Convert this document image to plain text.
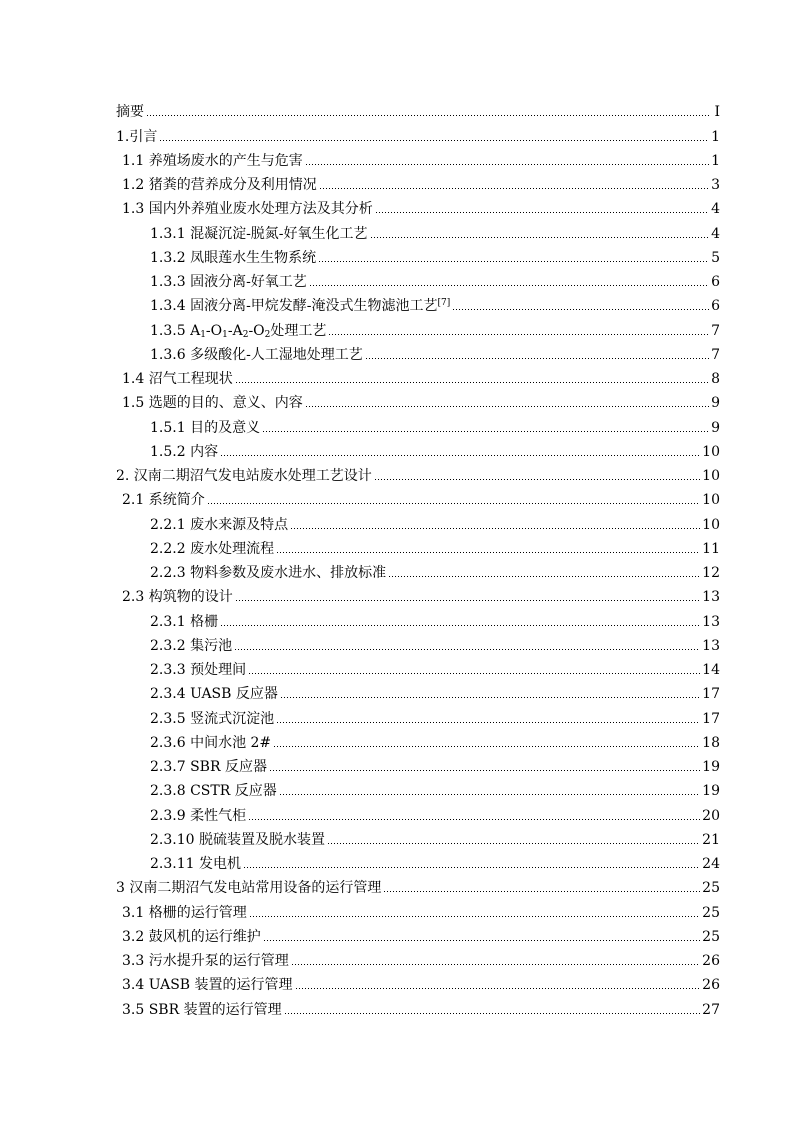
摘要	I
1.引言	1
1.1 养殖场废水的产生与危害	1
1.2 猪粪的营养成分及利用情况	3
1.3 国内外养殖业废水处理方法及其分析	4
1.3.1 混凝沉淀-脱氮-好氧生化工艺	4
1.3.2 凤眼莲水生生物系统	5
1.3.3 固液分离-好氧工艺	6
1.3.4 固液分离-甲烷发酵-淹没式生物滤池工艺[7]	6
1.3.5 $A_1-O_1-A_2-O_2$处理工艺	7
1.3.6 多级酸化-人工湿地处理工艺	7
1.4 沼气工程现状	8
1.5 选题的目的、意义、内容	9
1.5.1 目的及意义	9
1.5.2 内容	10
2. 汉南二期沼气发电站废水处理工艺设计	10
2.1 系统简介	10
2.2.1 废水来源及特点	10
2.2.2 废水处理流程	11
2.2.3 物料参数及废水进水、排放标准	12
2.3 构筑物的设计	13
2.3.1 格栅	13
2.3.2 集污池	13
2.3.3 预处理间	14
2.3.4 UASB 反应器	17
2.3.5 竖流式沉淀池	17
2.3.6 中间水池 2#	18
2.3.7 SBR 反应器	19
2.3.8 CSTR 反应器	19
2.3.9 柔性气柜	20
2.3.10 脱硫装置及脱水装置	21
2.3.11 发电机	24
3 汉南二期沼气发电站常用设备的运行管理	25
3.1 格栅的运行管理	25
3.2 鼓风机的运行维护	25
3.3 污水提升泵的运行管理	26
3.4 UASB 装置的运行管理	26
3.5 SBR 装置的运行管理	27
